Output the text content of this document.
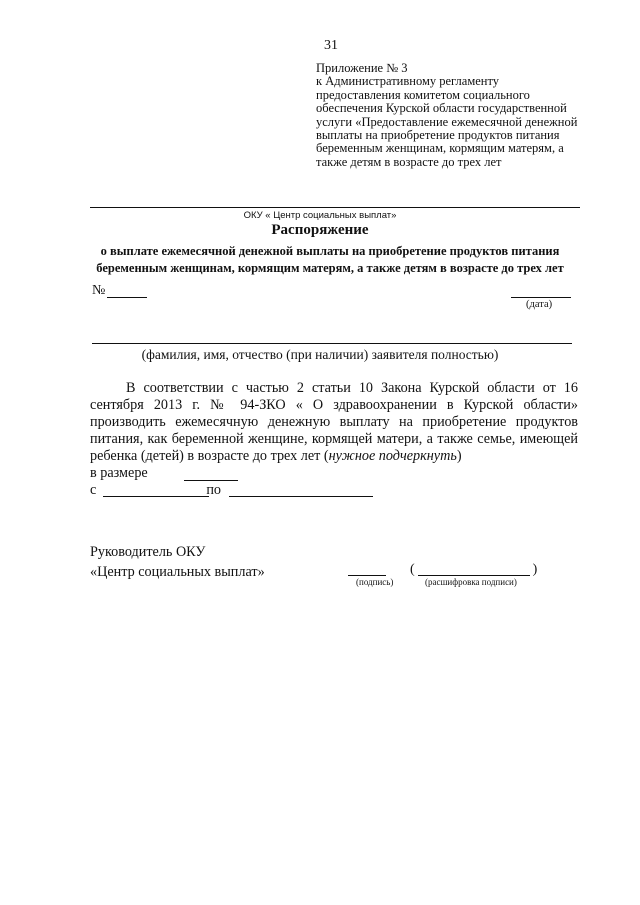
31
Приложение № 3
к Административному регламенту
предоставления комитетом социального
обеспечения Курской области государственной
услуги «Предоставление ежемесячной денежной
выплаты на приобретение продуктов питания
беременным женщинам, кормящим матерям, а
также детям в возрасте до трех лет
ОКУ « Центр социальных выплат»
Распоряжение
о выплате ежемесячной денежной выплаты на приобретение продуктов питания беременным женщинам, кормящим матерям, а также детям в возрасте до трех лет
№
(дата)
(фамилия, имя, отчество (при наличии) заявителя полностью)
В соответствии с частью 2 статьи 10 Закона Курской области от 16 сентября 2013 г. № 94-ЗКО « О здравоохранении в Курской области» производить ежемесячную денежную выплату на приобретение продуктов питания, как беременной женщине, кормящей матери, а также семье, имеющей ребенка (детей) в возрасте до трех лет (нужное подчеркнуть)
в размере
с	по
Руководитель ОКУ
«Центр социальных выплат»
(подпись)
(	)
(расшифровка подписи)
